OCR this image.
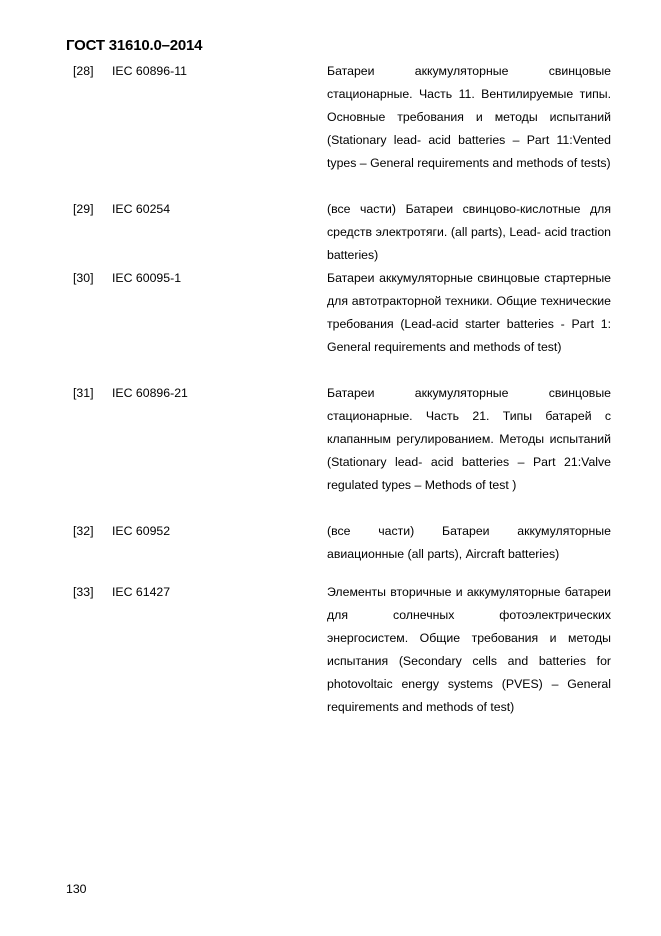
ГОСТ 31610.0–2014
[28] IEC 60896-11	Батареи аккумуляторные свинцовые стационарные. Часть 11. Вентилируемые типы. Основные требования и методы испытаний (Stationary lead- acid batteries – Part 11:Vented types – General requirements and methods of tests)
[29] IEC 60254	(все части) Батареи свинцово-кислотные для средств электротяги. (all parts), Lead- acid traction batteries)
[30] IEC 60095-1	Батареи аккумуляторные свинцовые стартерные для автотракторной техники. Общие технические требования (Lead-acid starter batteries - Part 1: General requirements and methods of test)
[31] IEC 60896-21	Батареи аккумуляторные свинцовые стационарные. Часть 21. Типы батарей с клапанным регулированием. Методы испытаний (Stationary lead- acid batteries – Part 21:Valve regulated types – Methods of test )
[32] IEC 60952	(все части) Батареи аккумуляторные авиационные (all parts), Aircraft batteries)
[33] IEC 61427	Элементы вторичные и аккумуляторные батареи для солнечных фотоэлектрических энергосистем. Общие требования и методы испытания (Secondary cells and batteries for photovoltaic energy systems (PVES) – General requirements and methods of test)
130
